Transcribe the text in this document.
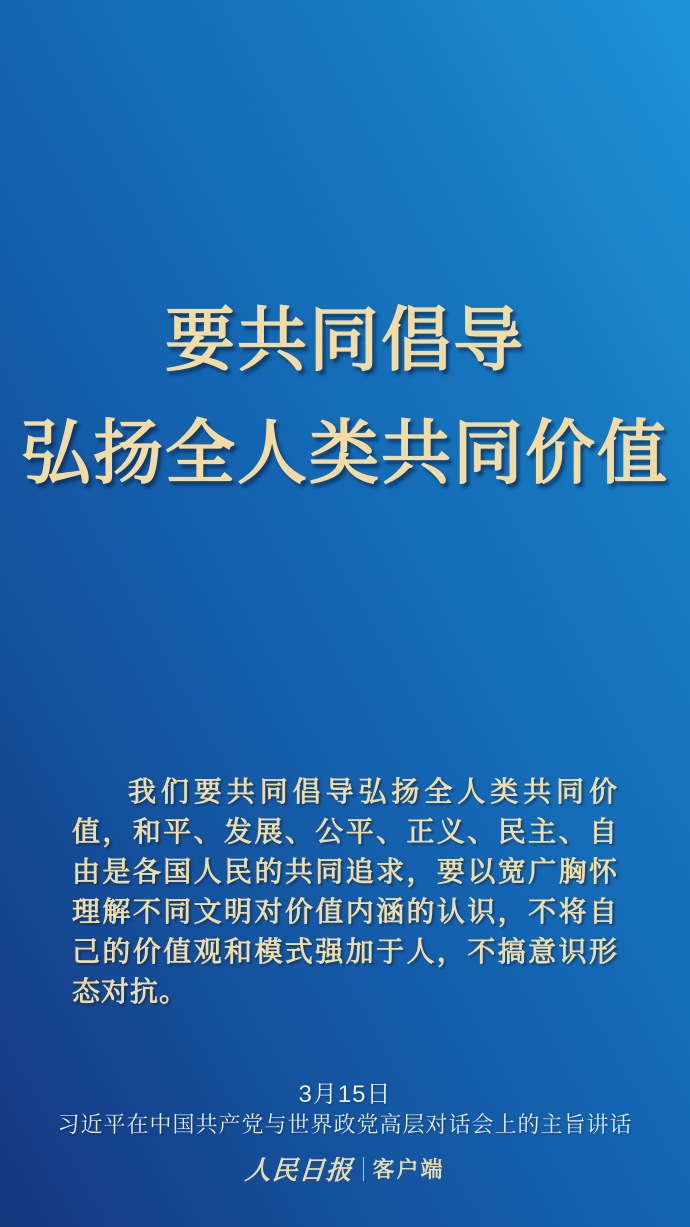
要共同倡导
弘扬全人类共同价值
我们要共同倡导弘扬全人类共同价
值，和平、发展、公平、正义、民主、自
由是各国人民的共同追求，要以宽广胸怀
理解不同文明对价值内涵的认识，不将自
己的价值观和模式强加于人，不搞意识形
态对抗。
3月15日
习近平在中国共产党与世界政党高层对话会上的主旨讲话
人民日报 客户端
